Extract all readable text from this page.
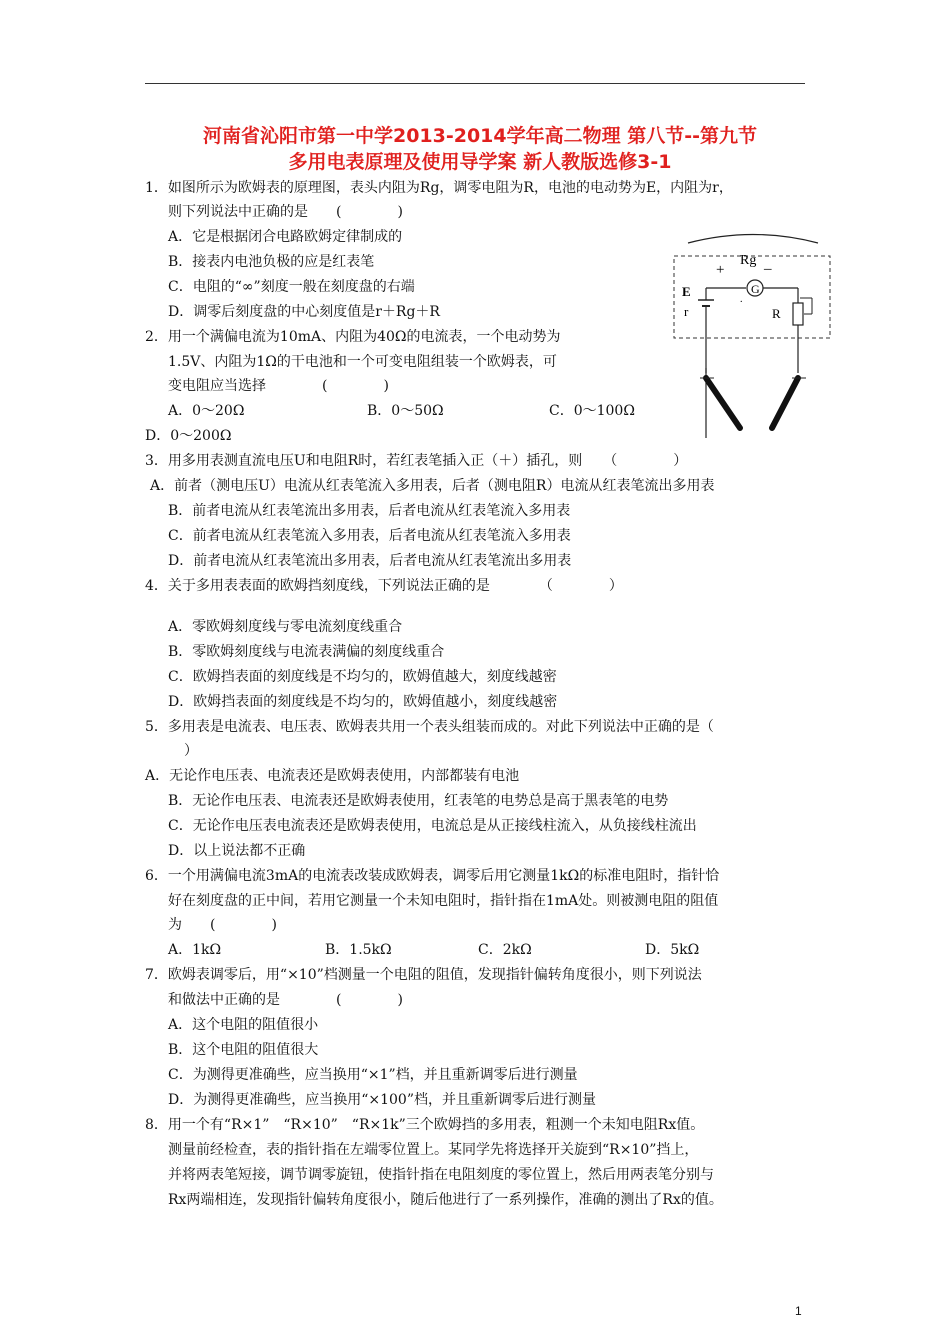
河南省沁阳市第一中学2013-2014学年高二物理 第八节--第九节
多用电表原理及使用导学案 新人教版选修3-1
1．如图所示为欧姆表的原理图，表头内阻为Rg，调零电阻为R，电池的电动势为E，内阻为r，
则下列说法中正确的是　　(　　　　)
A．它是根据闭合电路欧姆定律制成的
B．接表内电池负极的应是红表笔
C．电阻的“∞”刻度一般在刻度盘的右端
D．调零后刻度盘的中心刻度值是r＋Rg＋R
Rg
+	_
G
E
r
.
R
2．用一个满偏电流为10mA、内阻为40Ω的电流表，一个电动势为
1.5V、内阻为1Ω的干电池和一个可变电阻组装一个欧姆表，可
变电阻应当选择　　　　(　　　　)
A．0～20Ω	B．0～50Ω	C．0～100Ω
D．0～200Ω
3．用多用表测直流电压U和电阻R时，若红表笔插入正（＋）插孔，则　　（　　　　）
A．前者（测电压U）电流从红表笔流入多用表，后者（测电阻R）电流从红表笔流出多用表
B．前者电流从红表笔流出多用表，后者电流从红表笔流入多用表
C．前者电流从红表笔流入多用表，后者电流从红表笔流入多用表
D．前者电流从红表笔流出多用表，后者电流从红表笔流出多用表
4．关于多用表表面的欧姆挡刻度线，下列说法正确的是　　　　（　　　　）
A．零欧姆刻度线与零电流刻度线重合
B．零欧姆刻度线与电流表满偏的刻度线重合
C．欧姆挡表面的刻度线是不均匀的，欧姆值越大，刻度线越密
D．欧姆挡表面的刻度线是不均匀的，欧姆值越小，刻度线越密
5．多用表是电流表、电压表、欧姆表共用一个表头组装而成的。对此下列说法中正确的是（
　　）
A．无论作电压表、电流表还是欧姆表使用，内部都装有电池
B．无论作电压表、电流表还是欧姆表使用，红表笔的电势总是高于黑表笔的电势
C．无论作电压表电流表还是欧姆表使用，电流总是从正接线柱流入，从负接线柱流出
D．以上说法都不正确
6．一个用满偏电流3mA的电流表改装成欧姆表，调零后用它测量1kΩ的标准电阻时，指针恰
好在刻度盘的正中间，若用它测量一个未知电阻时，指针指在1mA处。则被测电阻的阻值
为　　(　　　　)
A．1kΩ	B．1.5kΩ	C．2kΩ	D．5kΩ
7．欧姆表调零后，用“×10”档测量一个电阻的阻值，发现指针偏转角度很小，则下列说法
和做法中正确的是　　　　(　　　　)
A．这个电阻的阻值很小
B．这个电阻的阻值很大
C．为测得更准确些，应当换用“×1”档，并且重新调零后进行测量
D．为测得更准确些，应当换用“×100”档，并且重新调零后进行测量
8．用一个有“R×1”　“R×10”　“R×1k”三个欧姆挡的多用表，粗测一个未知电阻Rx值。
测量前经检查，表的指针指在左端零位置上。某同学先将选择开关旋到“R×10”挡上，
并将两表笔短接，调节调零旋钮，使指针指在电阻刻度的零位置上，然后用两表笔分别与
Rx两端相连，发现指针偏转角度很小，随后他进行了一系列操作，准确的测出了Rx的值。
1
